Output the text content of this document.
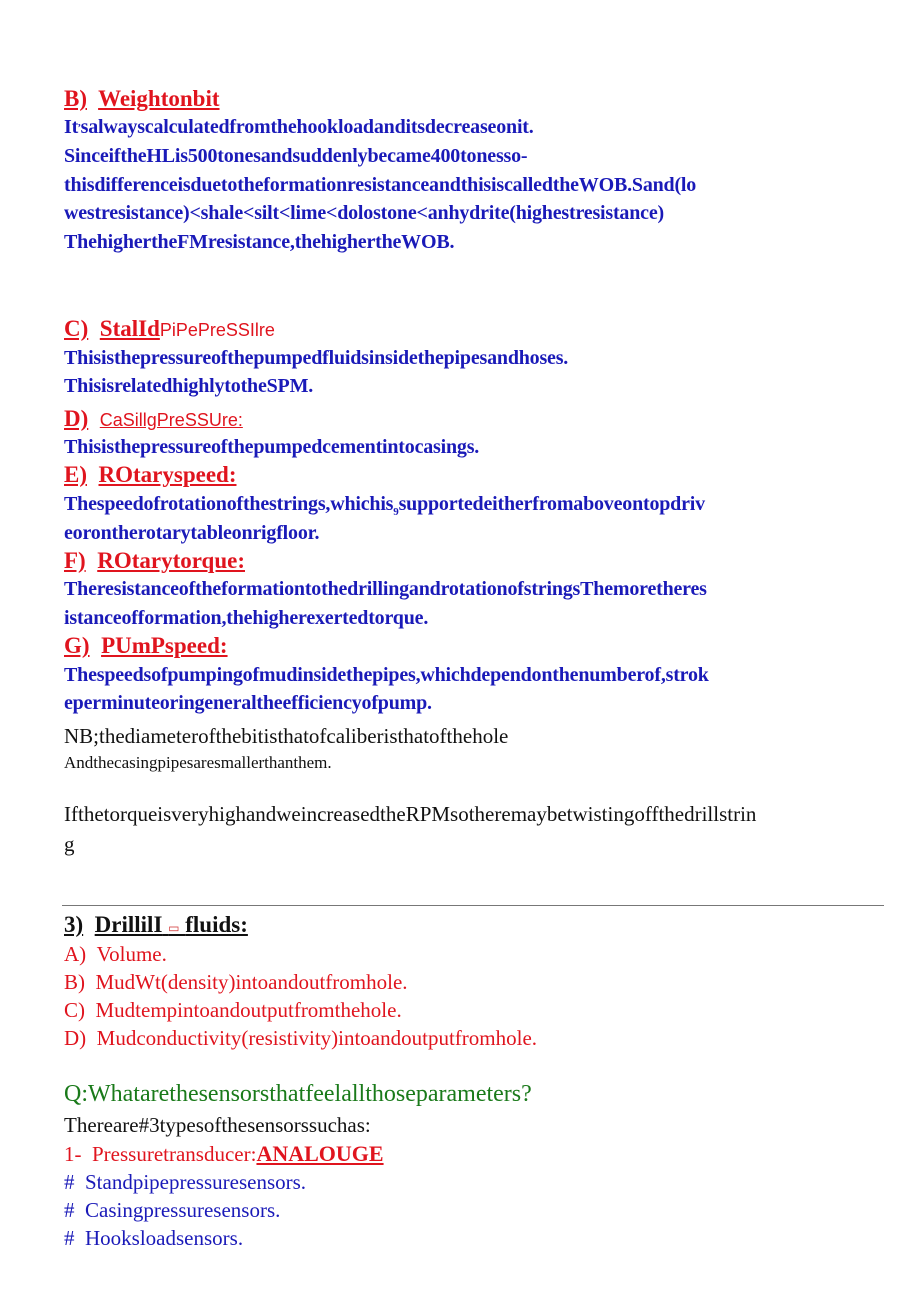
B) Weightonbit
It,salwayscalculatedfromthehookloadanditsdecreaseonit.
SinceiftheHLis500tonesandsuddenlybecame400tonesso-
thisdifferenceisduetotheformationresistanceandthisiscalledtheWOB.Sand(lo
westresistance)<shale<silt<lime<dolostone<anhydrite(highestresistance)
ThehighertheFMresistance,thehighertheWOB.
C) StalIdPiPePreSSIlre
Thisisthepressureofthepumpedfluidsinsidethepipesandhoses.
ThisisrelatedhighlytotheSPM.
D) CaSillgPreSSUre:
Thisisthepressureofthepumpedcementintocasings.
E) ROtaryspeed:
Thespeedofrotationofthestrings,whichis$_9$supportedeitherfromaboveontopdriv
eorontherotarytableonrigfloor.
F) ROtarytorque:
TheresistanceoftheformationtothedrillingandrotationofstringsThemoretheres
istanceofformation,thehigherexertedtorque.
G) PUmPspeed:
Thespeedsofpumpingofmudinsidethepipes,whichdependonthenumberof,strok
eperminuteoringeneraltheefficiencyofpump.
NB;thediameterofthebitisthatofcaliberisthatofthehole
Andthecasingpipesaresmallerthanthem.
IfthetorqueisveryhighandweincreasedtheRPMsotheremaybetwistingoffthedrillstrin
g
3) DrillilI ▭ fluids:
A) Volume.
B) MudWt(density)intoandoutfromhole.
C) Mudtempintoandoutputfromthehole.
D) Mudconductivity(resistivity)intoandoutputfromhole.
Q:Whatarethesensorsthatfeelallthoseparameters?
Thereare#3typesofthesensorssuchas:
1- Pressuretransducer:ANALOUGE
# Standpipepressuresensors.
# Casingpressuresensors.
# Hooksloadsensors.
